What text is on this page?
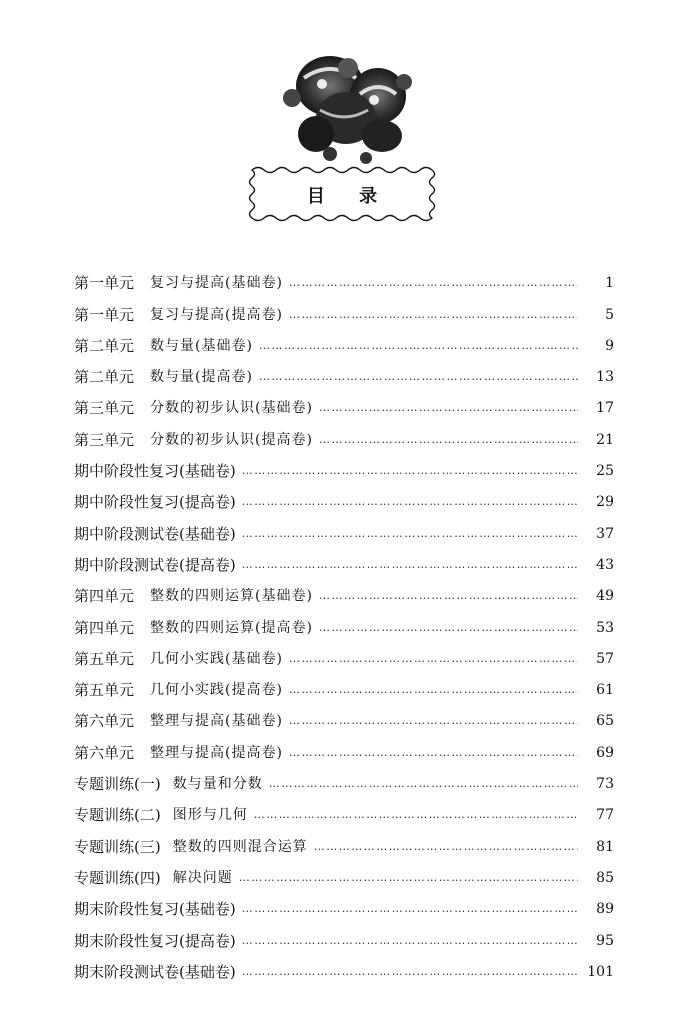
目 录
第一单元 复习与提高(基础卷) …………………………………………………………………………………………………………………………………	1
第一单元 复习与提高(提高卷) …………………………………………………………………………………………………………………………………	5
第二单元 数与量(基础卷) …………………………………………………………………………………………………………………………………	9
第二单元 数与量(提高卷) …………………………………………………………………………………………………………………………………	13
第三单元 分数的初步认识(基础卷) …………………………………………………………………………………………………………………………………	17
第三单元 分数的初步认识(提高卷) …………………………………………………………………………………………………………………………………	21
期中阶段性复习(基础卷) …………………………………………………………………………………………………………………………………	25
期中阶段性复习(提高卷) …………………………………………………………………………………………………………………………………	29
期中阶段测试卷(基础卷) …………………………………………………………………………………………………………………………………	37
期中阶段测试卷(提高卷) …………………………………………………………………………………………………………………………………	43
第四单元 整数的四则运算(基础卷) …………………………………………………………………………………………………………………………………	49
第四单元 整数的四则运算(提高卷) …………………………………………………………………………………………………………………………………	53
第五单元 几何小实践(基础卷) …………………………………………………………………………………………………………………………………	57
第五单元 几何小实践(提高卷) …………………………………………………………………………………………………………………………………	61
第六单元 整理与提高(基础卷) …………………………………………………………………………………………………………………………………	65
第六单元 整理与提高(提高卷) …………………………………………………………………………………………………………………………………	69
专题训练(一) 数与量和分数 …………………………………………………………………………………………………………………………………	73
专题训练(二) 图形与几何 …………………………………………………………………………………………………………………………………	77
专题训练(三) 整数的四则混合运算 …………………………………………………………………………………………………………………………………	81
专题训练(四) 解决问题 …………………………………………………………………………………………………………………………………	85
期末阶段性复习(基础卷) …………………………………………………………………………………………………………………………………	89
期末阶段性复习(提高卷) …………………………………………………………………………………………………………………………………	95
期末阶段测试卷(基础卷) …………………………………………………………………………………………………………………………………	101
